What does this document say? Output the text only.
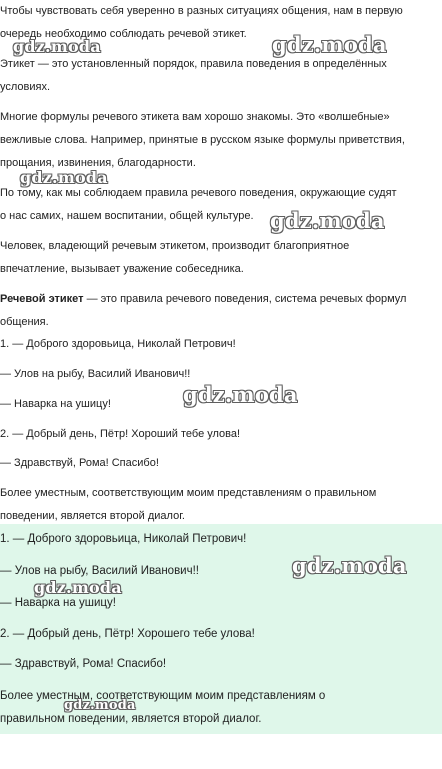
Чтобы чувствовать себя уверенно в разных ситуациях общения, нам в первую
очередь необходимо соблюдать речевой этикет.
Этикет — это установленный порядок, правила поведения в определённых
условиях.
Многие формулы речевого этикета вам хорошо знакомы. Это «волшебные»
вежливые слова. Например, принятые в русском языке формулы приветствия,
прощания, извинения, благодарности.
По тому, как мы соблюдаем правила речевого поведения, окружающие судят
о нас самих, нашем воспитании, общей культуре.
Человек, владеющий речевым этикетом, производит благоприятное
впечатление, вызывает уважение собеседника.
Речевой этикет — это правила речевого поведения, система речевых формул
общения.
1. — Доброго здоровьица, Николай Петрович!
— Улов на рыбу, Василий Иванович!!
— Наварка на ушицу!
2. — Добрый день, Пётр! Хороший тебе улова!
— Здравствуй, Рома! Спасибо!
Более уместным, соответствующим моим представлениям о правильном
поведении, является второй диалог.
1. — Доброго здоровьица, Николай Петрович!
— Улов на рыбу, Василий Иванович!!
— Наварка на ушицу!
2. — Добрый день, Пётр! Хорошего тебе улова!
— Здравствуй, Рома! Спасибо!
Более уместным, соответствующим моим представлениям о
правильном поведении, является второй диалог.
gdz.moda	gdz.moda
gdz.moda
gdz.moda
gdz.moda
gdz.moda
gdz.moda
gdz.moda
